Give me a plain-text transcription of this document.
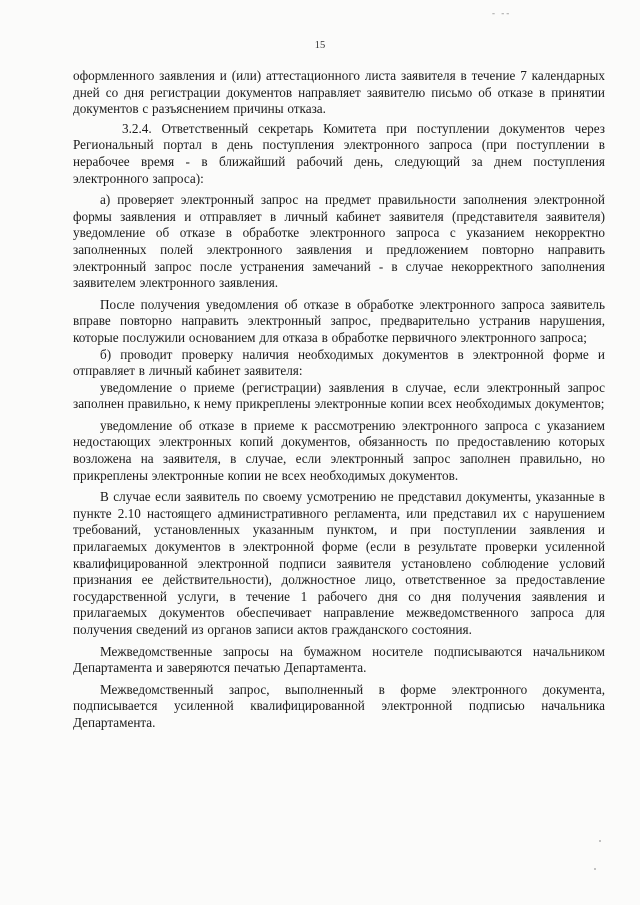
- --
15

оформленного заявления и (или) аттестационного листа заявителя в течение 7 календарных дней со дня регистрации документов направляет заявителю письмо об отказе в принятии документов с разъяснением причины отказа.

3.2.4. Ответственный секретарь Комитета при поступлении документов через Региональный портал в день поступления электронного запроса (при поступлении в нерабочее время - в ближайший рабочий день, следующий за днем поступления электронного запроса):

а) проверяет электронный запрос на предмет правильности заполнения электронной формы заявления и отправляет в личный кабинет заявителя (представителя заявителя) уведомление об отказе в обработке электронного запроса с указанием некорректно заполненных полей электронного заявления и предложением повторно направить электронный запрос после устранения замечаний - в случае некорректного заполнения заявителем электронного заявления.

После получения уведомления об отказе в обработке электронного запроса заявитель вправе повторно направить электронный запрос, предварительно устранив нарушения, которые послужили основанием для отказа в обработке первичного электронного запроса;

б) проводит проверку наличия необходимых документов в электронной форме и отправляет в личный кабинет заявителя:

уведомление о приеме (регистрации) заявления в случае, если электронный запрос заполнен правильно, к нему прикреплены электронные копии всех необходимых документов;

уведомление об отказе в приеме к рассмотрению электронного запроса с указанием недостающих электронных копий документов, обязанность по предоставлению которых возложена на заявителя, в случае, если электронный запрос заполнен правильно, но прикреплены электронные копии не всех необходимых документов.

В случае если заявитель по своему усмотрению не представил документы, указанные в пункте 2.10 настоящего административного регламента, или представил их с нарушением требований, установленных указанным пунктом, и при поступлении заявления и прилагаемых документов в электронной форме (если в результате проверки усиленной квалифицированной электронной подписи заявителя установлено соблюдение условий признания ее действительности), должностное лицо, ответственное за предоставление государственной услуги, в течение 1 рабочего дня со дня получения заявления и прилагаемых документов обеспечивает направление межведомственного запроса для получения сведений из органов записи актов гражданского состояния.

Межведомственные запросы на бумажном носителе подписываются начальником Департамента и заверяются печатью Департамента.

Межведомственный запрос, выполненный в форме электронного документа, подписывается усиленной квалифицированной электронной подписью начальника Департамента.
